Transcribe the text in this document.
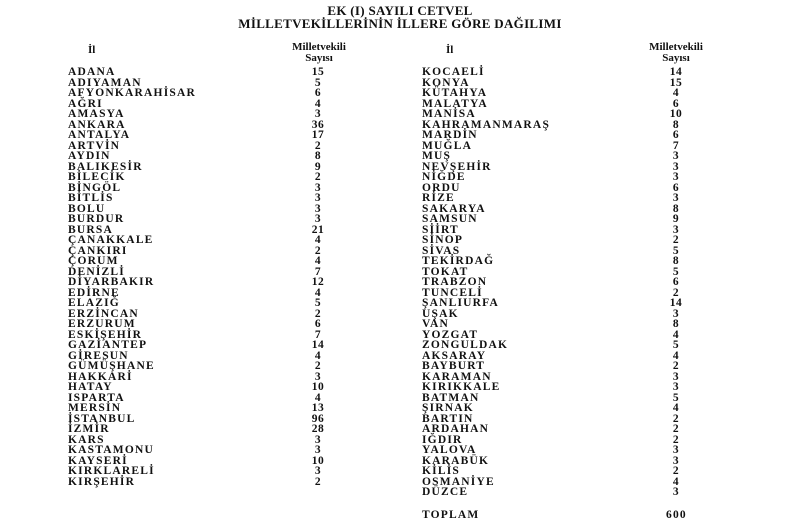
EK (I) SAYILI CETVEL
MİLLETVEKİLLERİNİN İLLERE GÖRE DAĞILIMI
İl	Milletvekili
Sayısı
İl	Milletvekili
Sayısı
ADANA	15
ADIYAMAN	5
AFYONKARAHİSAR	6
AĞRI	4
AMASYA	3
ANKARA	36
ANTALYA	17
ARTVİN	2
AYDIN	8
BALIKESİR	9
BİLECİK	2
BİNGÖL	3
BİTLİS	3
BOLU	3
BURDUR	3
BURSA	21
ÇANAKKALE	4
ÇANKIRI	2
ÇORUM	4
DENİZLİ	7
DİYARBAKIR	12
EDİRNE	4
ELAZIĞ	5
ERZİNCAN	2
ERZURUM	6
ESKİŞEHİR	7
GAZİANTEP	14
GİRESUN	4
GÜMÜŞHANE	2
HAKKARİ	3
HATAY	10
ISPARTA	4
MERSİN	13
İSTANBUL	96
İZMİR	28
KARS	3
KASTAMONU	3
KAYSERİ	10
KIRKLARELİ	3
KIRŞEHİR	2
KOCAELİ	14
KONYA	15
KÜTAHYA	4
MALATYA	6
MANİSA	10
KAHRAMANMARAŞ	8
MARDİN	6
MUĞLA	7
MUŞ	3
NEVŞEHİR	3
NİĞDE	3
ORDU	6
RİZE	3
SAKARYA	8
SAMSUN	9
SİİRT	3
SİNOP	2
SİVAS	5
TEKİRDAĞ	8
TOKAT	5
TRABZON	6
TUNCELİ	2
ŞANLIURFA	14
UŞAK	3
VAN	8
YOZGAT	4
ZONGULDAK	5
AKSARAY	4
BAYBURT	2
KARAMAN	3
KIRIKKALE	3
BATMAN	5
ŞIRNAK	4
BARTIN	2
ARDAHAN	2
IĞDIR	2
YALOVA	3
KARABÜK	3
KİLİS	2
OSMANİYE	4
DÜZCE	3
TOPLAM	600
